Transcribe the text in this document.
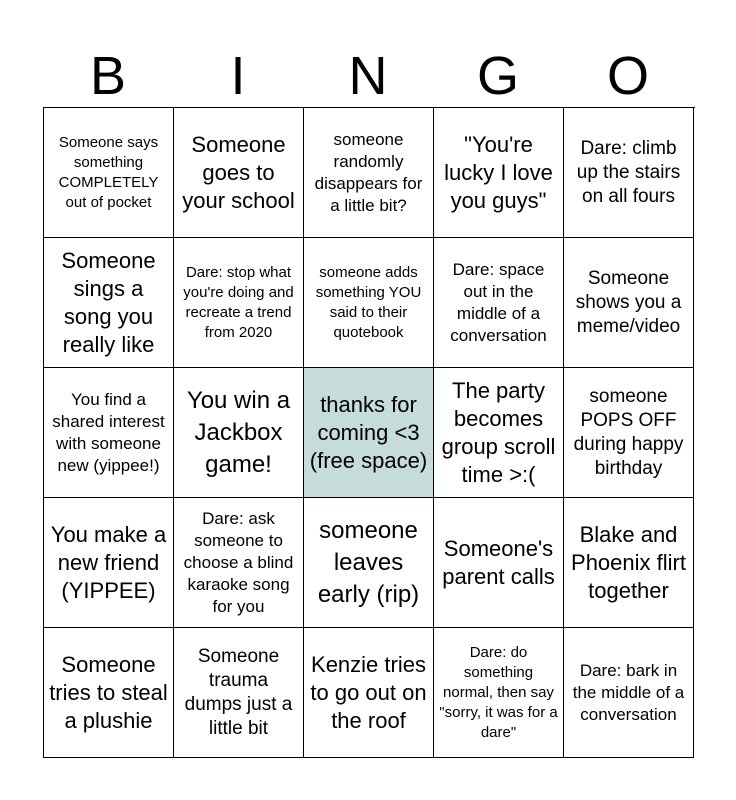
B	I	N	G	O
Someone says something COMPLETELY out of pocket
Someone goes to your school
someone randomly disappears for a little bit?
"You're lucky I love you guys"
Dare: climb up the stairs on all fours
Someone sings a song you really like
Dare: stop what you're doing and recreate a trend from 2020
someone adds something YOU said to their quotebook
Dare: space out in the middle of a conversation
Someone shows you a meme/video
You find a shared interest with someone new (yippee!)
You win a Jackbox game!
thanks for coming <3 (free space)
The party becomes group scroll time >:(
someone POPS OFF during happy birthday
You make a new friend (YIPPEE)
Dare: ask someone to choose a blind karaoke song for you
someone leaves early (rip)
Someone's parent calls
Blake and Phoenix flirt together
Someone tries to steal a plushie
Someone trauma dumps just a little bit
Kenzie tries to go out on the roof
Dare: do something normal, then say "sorry, it was for a dare"
Dare: bark in the middle of a conversation
